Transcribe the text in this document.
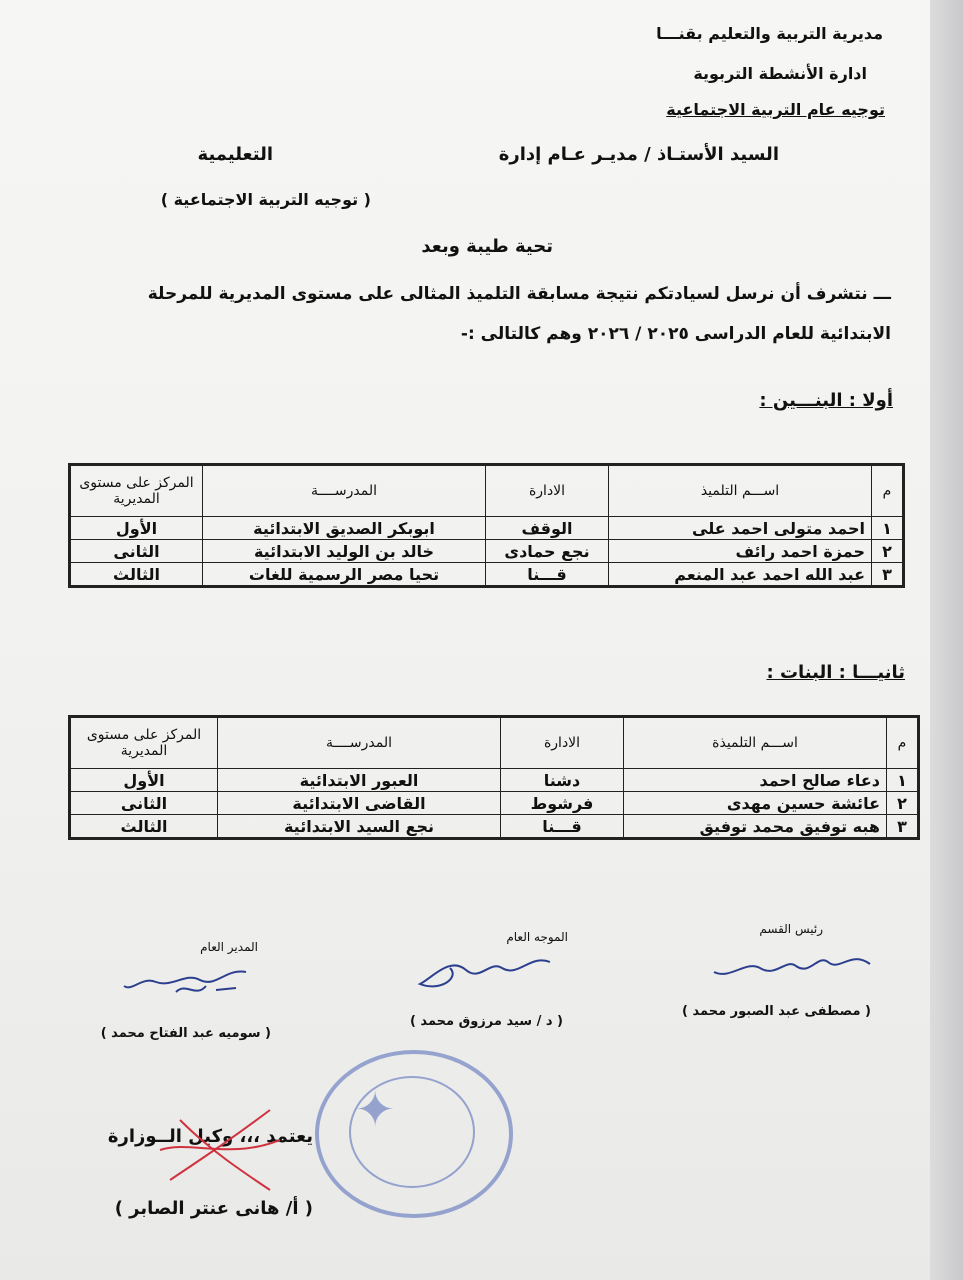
مديرية التربية والتعليم بقنـــا
ادارة الأنشطة التربوية
توجيه عام التربية الاجتماعية
السيد الأستـاذ / مديـر عـام إدارة
التعليمية
( توجيه التربية الاجتماعية )
تحية طيبة وبعد
ـــ نتشرف أن نرسل لسيادتكم نتيجة مسابقة التلميذ المثالى على مستوى المديرية للمرحلة
الابتدائية للعام الدراسى ٢٠٢٥ / ٢٠٢٦ وهم كالتالى :-
أولا : البنـــين :
م	اســـم التلميذ	الادارة	المدرســــة	المركز على مستوى المديرية
١	احمد متولى احمد على	الوقف	ابوبكر الصديق الابتدائية	الأول
٢	حمزة احمد رائف	نجع حمادى	خالد بن الوليد الابتدائية	الثانى
٣	عبد الله احمد عبد المنعم	قـــنا	تحيا مصر الرسمية للغات	الثالث
ثانيـــا : البنات :
م	اســـم التلميذة	الادارة	المدرســــة	المركز على مستوى المديرية
١	دعاء صالح احمد	دشنا	العبور الابتدائية	الأول
٢	عائشة حسين مهدى	فرشوط	القاضى الابتدائية	الثانى
٣	هبه توفيق محمد توفيق	قـــنا	نجع السيد الابتدائية	الثالث
رئيس القسم
( مصطفى عبد الصبور محمد )
الموجه العام
( د / سيد مرزوق محمد )
المدير العام
( سوميه عبد الفتاح محمد )
✦
يعتمد ،،، وكيل الــوزارة
( أ/ هانى عنتر الصابر )
